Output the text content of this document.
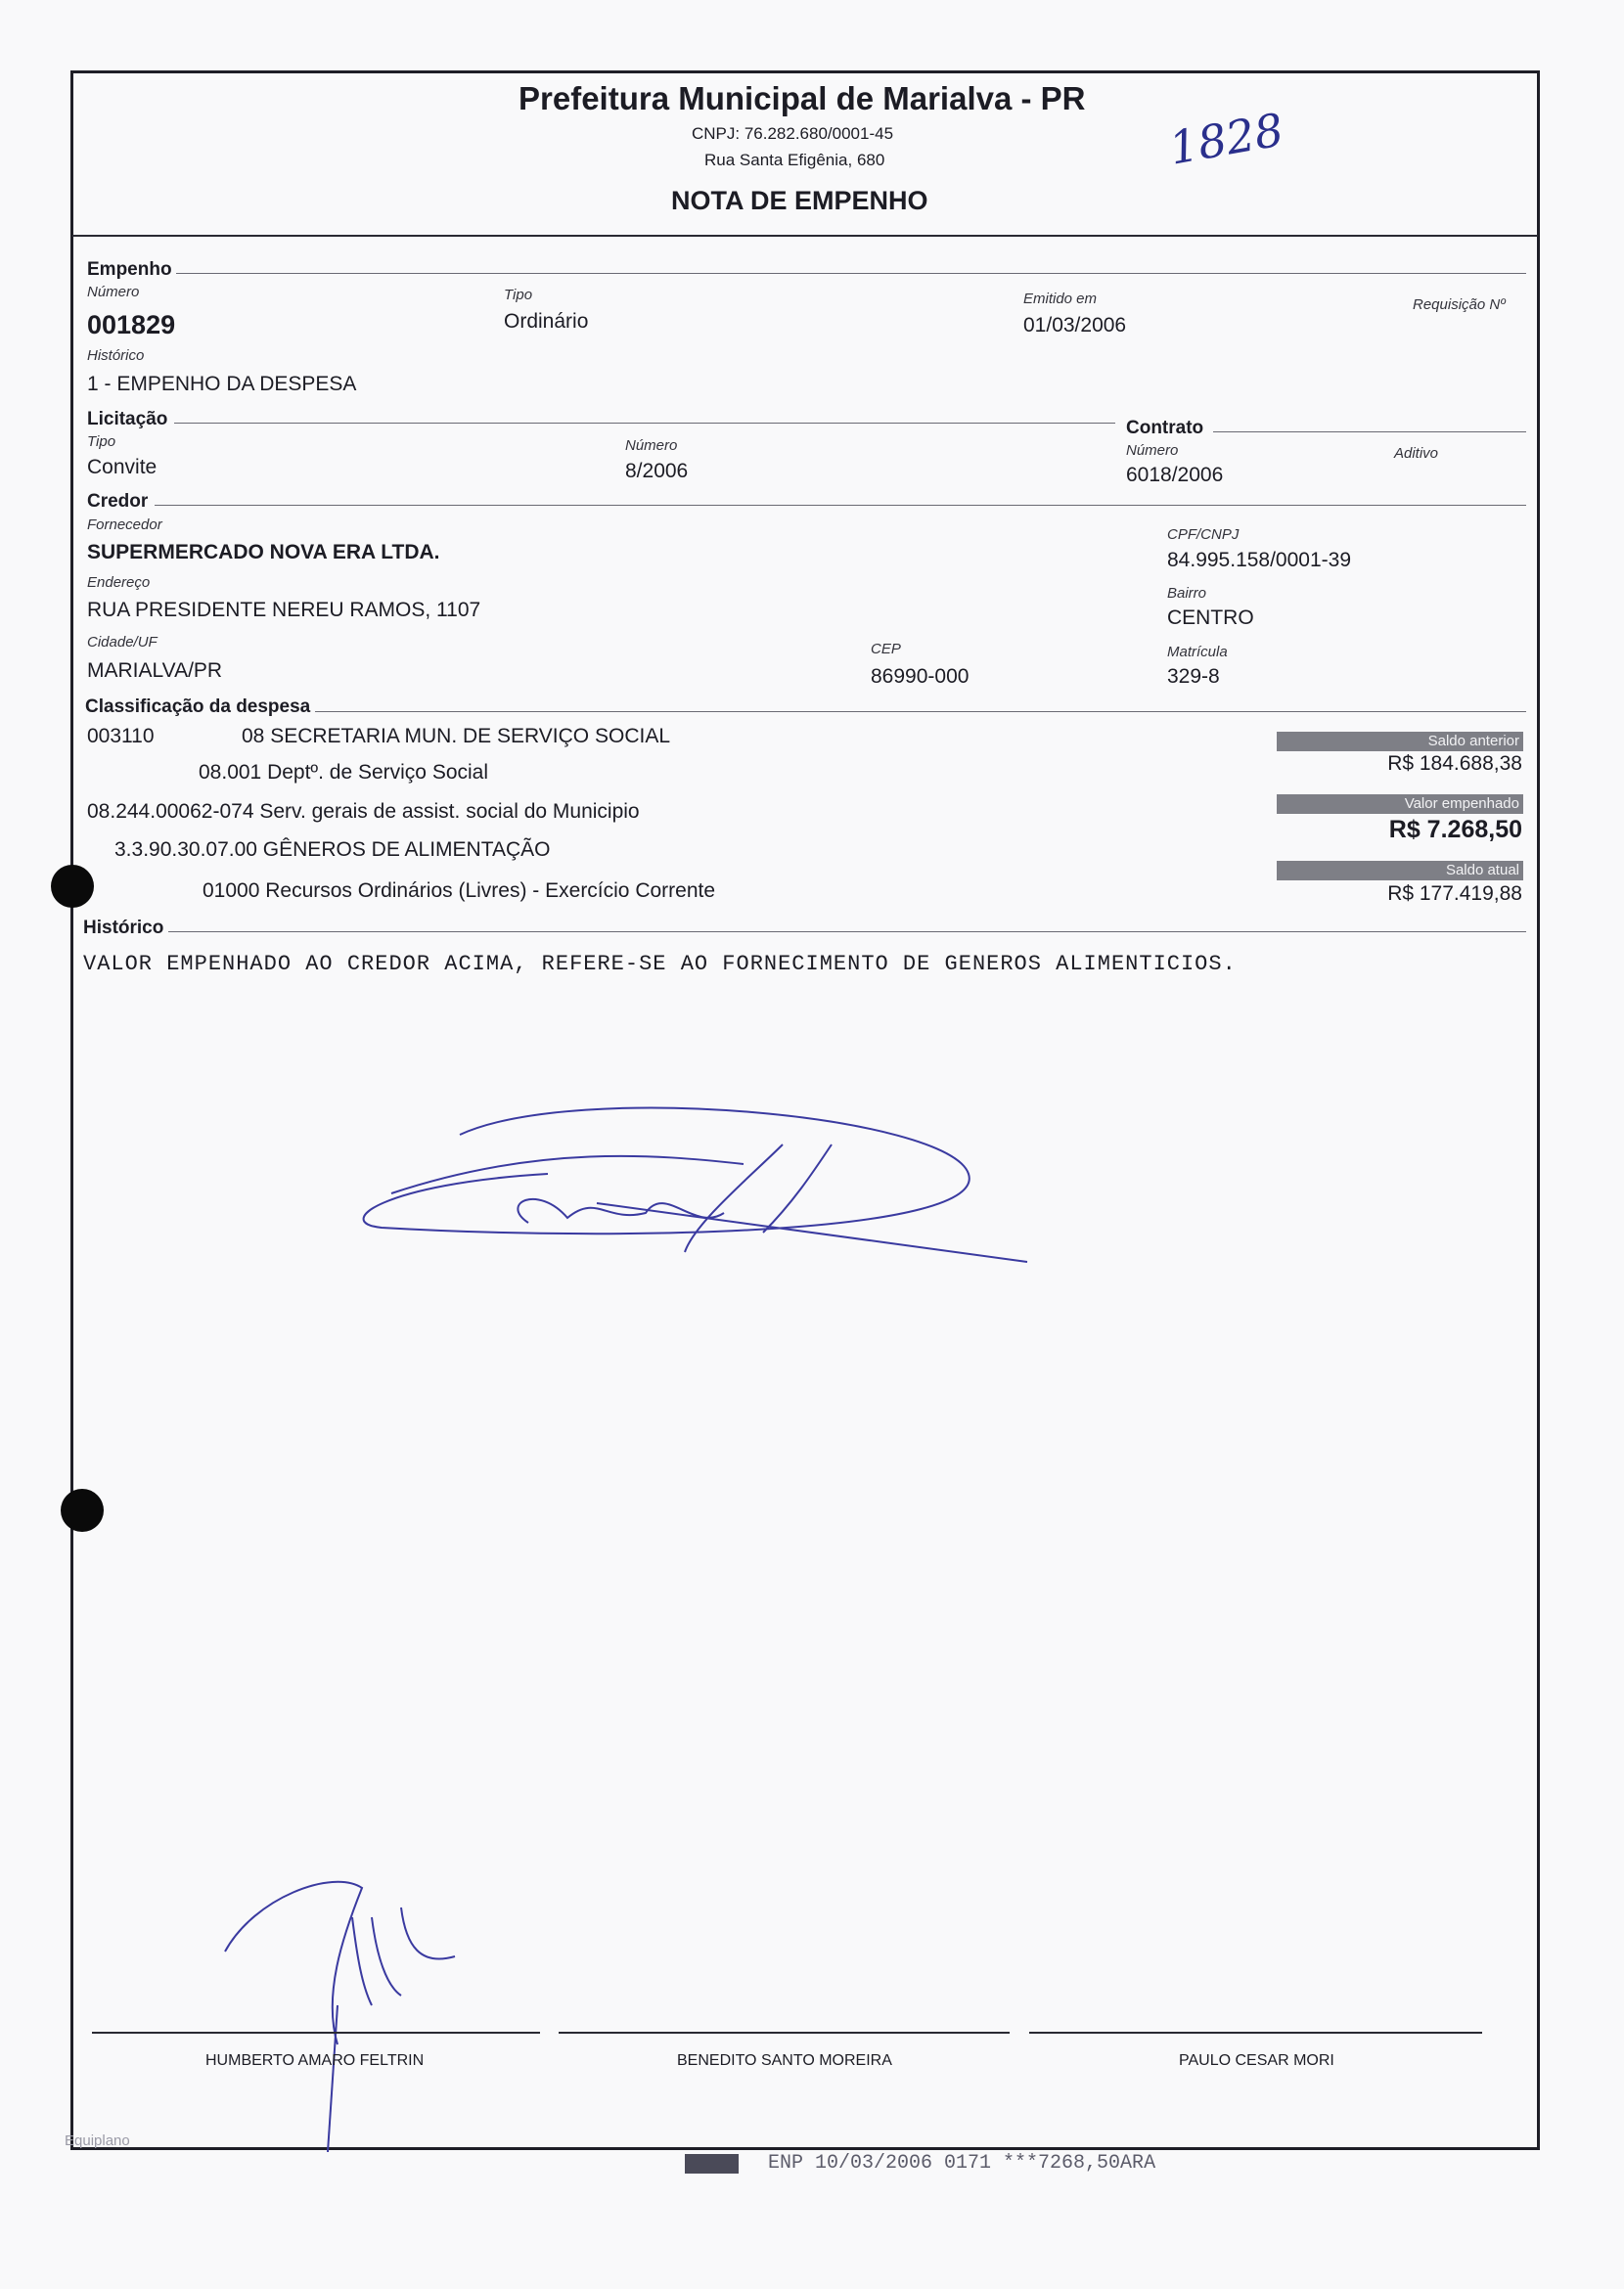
Prefeitura Municipal de Marialva - PR
CNPJ: 76.282.680/0001-45
Rua Santa Efigênia, 680
NOTA DE EMPENHO
1828
Empenho
Número
001829
Tipo
Ordinário
Emitido em
01/03/2006
Requisição Nº
Histórico
1 - EMPENHO DA DESPESA
Licitação
Tipo
Convite
Número
8/2006
Contrato
Número
6018/2006
Aditivo
Credor
Fornecedor
SUPERMERCADO NOVA ERA LTDA.
CPF/CNPJ
84.995.158/0001-39
Endereço
RUA PRESIDENTE NEREU RAMOS, 1107
Bairro
CENTRO
Cidade/UF
MARIALVA/PR
CEP
86990-000
Matrícula
329-8
Classificação da despesa
003110	08 SECRETARIA MUN. DE SERVIÇO SOCIAL
08.001 Deptº. de Serviço Social
08.244.00062-074 Serv. gerais de assist. social do Municipio
3.3.90.30.07.00 GÊNEROS DE ALIMENTAÇÃO
01000 Recursos Ordinários (Livres) - Exercício Corrente
Saldo anterior
R$ 184.688,38
Valor empenhado
R$ 7.268,50
Saldo atual
R$ 177.419,88
Histórico
VALOR EMPENHADO AO CREDOR ACIMA, REFERE-SE AO FORNECIMENTO DE GENEROS ALIMENTICIOS.
HUMBERTO AMARO FELTRIN	BENEDITO SANTO MOREIRA	PAULO CESAR MORI
Equiplano
ENP 10/03/2006 0171 ***7268,50ARA
